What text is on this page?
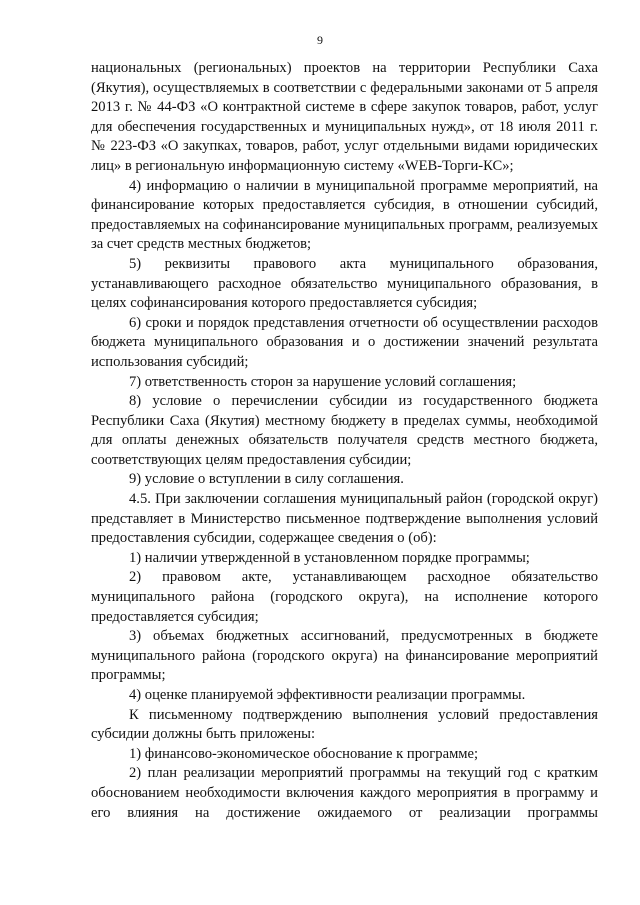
9

национальных (региональных) проектов на территории Республики Саха (Якутия), осуществляемых в соответствии с федеральными законами от 5 апреля 2013 г. № 44-ФЗ «О контрактной системе в сфере закупок товаров, работ, услуг для обеспечения государственных и муниципальных нужд», от 18 июля 2011 г. № 223-ФЗ «О закупках, товаров, работ, услуг отдельными видами юридических лиц» в региональную информационную систему «WEB-Торги-КС»;

4) информацию о наличии в муниципальной программе мероприятий, на финансирование которых предоставляется субсидия, в отношении субсидий, предоставляемых на софинансирование муниципальных программ, реализуемых за счет средств местных бюджетов;

5) реквизиты правового акта муниципального образования, устанавливающего расходное обязательство муниципального образования, в целях софинансирования которого предоставляется субсидия;

6) сроки и порядок представления отчетности об осуществлении расходов бюджета муниципального образования и о достижении значений результата использования субсидий;

7) ответственность сторон за нарушение условий соглашения;

8) условие о перечислении субсидии из государственного бюджета Республики Саха (Якутия) местному бюджету в пределах суммы, необходимой для оплаты денежных обязательств получателя средств местного бюджета, соответствующих целям предоставления субсидии;

9) условие о вступлении в силу соглашения.

4.5. При заключении соглашения муниципальный район (городской округ) представляет в Министерство письменное подтверждение выполнения условий предоставления субсидии, содержащее сведения о (об):

1) наличии утвержденной в установленном порядке программы;

2) правовом акте, устанавливающем расходное обязательство муниципального района (городского округа), на исполнение которого предоставляется субсидия;

3) объемах бюджетных ассигнований, предусмотренных в бюджете муниципального района (городского округа) на финансирование мероприятий программы;

4) оценке планируемой эффективности реализации программы.

К письменному подтверждению выполнения условий предоставления субсидии должны быть приложены:

1) финансово-экономическое обоснование к программе;

2) план реализации мероприятий программы на текущий год с кратким обоснованием необходимости включения каждого мероприятия в программу и его влияния на достижение ожидаемого от реализации программы
